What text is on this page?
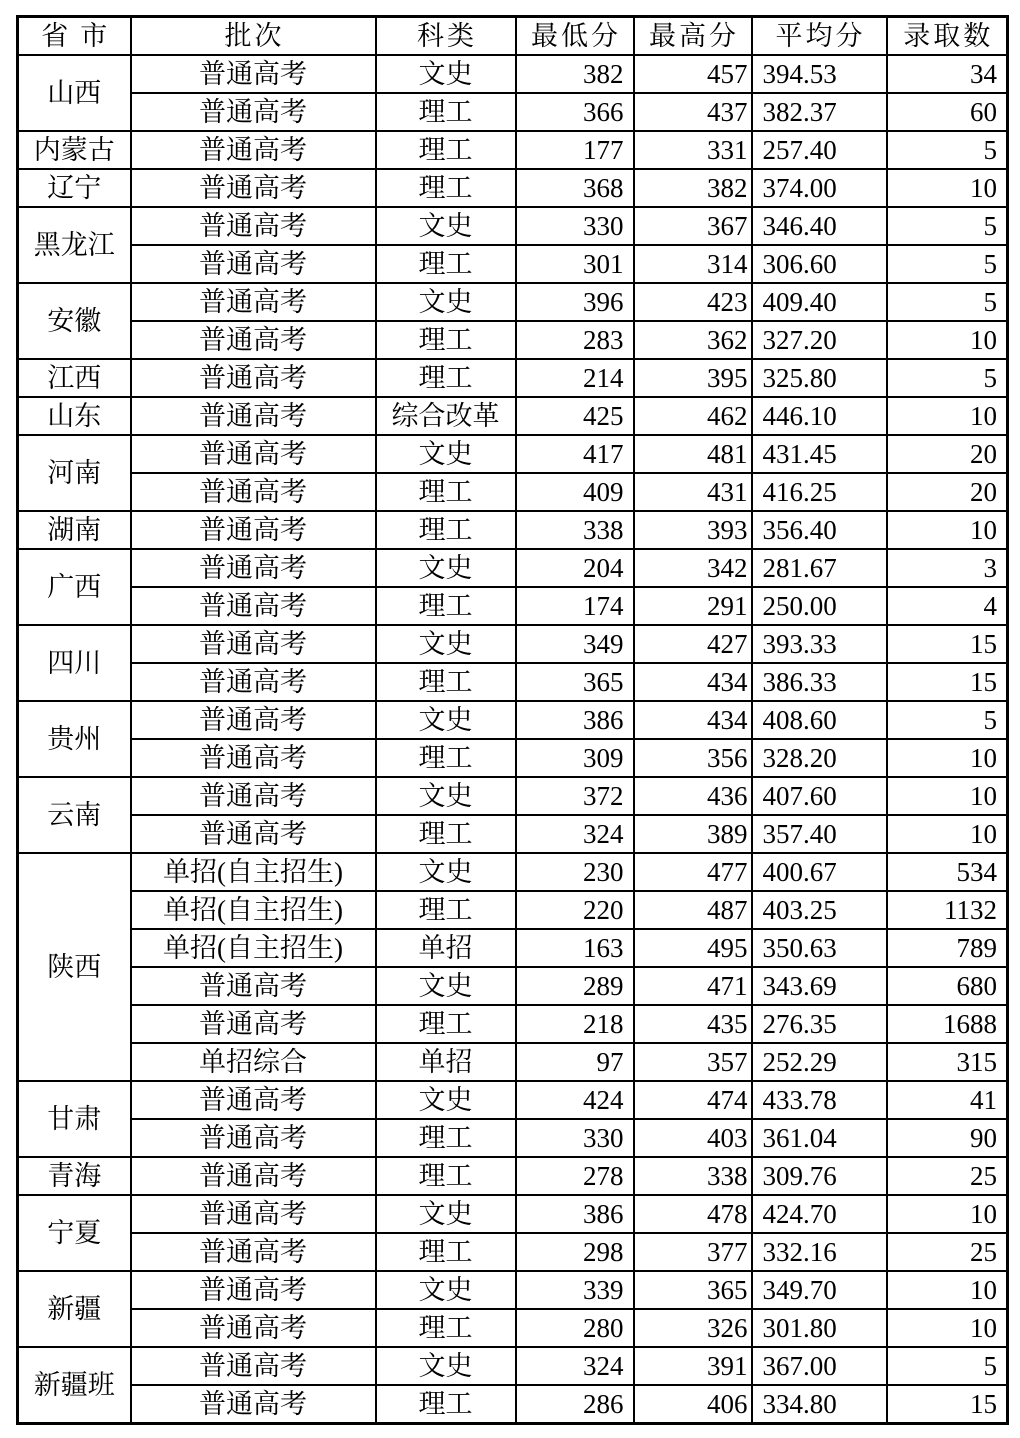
省市	批次	科类	最低分	最高分	平均分	录取数
山西	普通高考	文史	382	457	394.53	34
	普通高考	理工	366	437	382.37	60
内蒙古	普通高考	理工	177	331	257.40	5
辽宁	普通高考	理工	368	382	374.00	10
黑龙江	普通高考	文史	330	367	346.40	5
	普通高考	理工	301	314	306.60	5
安徽	普通高考	文史	396	423	409.40	5
	普通高考	理工	283	362	327.20	10
江西	普通高考	理工	214	395	325.80	5
山东	普通高考	综合改革	425	462	446.10	10
河南	普通高考	文史	417	481	431.45	20
	普通高考	理工	409	431	416.25	20
湖南	普通高考	理工	338	393	356.40	10
广西	普通高考	文史	204	342	281.67	3
	普通高考	理工	174	291	250.00	4
四川	普通高考	文史	349	427	393.33	15
	普通高考	理工	365	434	386.33	15
贵州	普通高考	文史	386	434	408.60	5
	普通高考	理工	309	356	328.20	10
云南	普通高考	文史	372	436	407.60	10
	普通高考	理工	324	389	357.40	10
陕西	单招(自主招生)	文史	230	477	400.67	534
	单招(自主招生)	理工	220	487	403.25	1132
	单招(自主招生)	单招	163	495	350.63	789
	普通高考	文史	289	471	343.69	680
	普通高考	理工	218	435	276.35	1688
	单招综合	单招	97	357	252.29	315
甘肃	普通高考	文史	424	474	433.78	41
	普通高考	理工	330	403	361.04	90
青海	普通高考	理工	278	338	309.76	25
宁夏	普通高考	文史	386	478	424.70	10
	普通高考	理工	298	377	332.16	25
新疆	普通高考	文史	339	365	349.70	10
	普通高考	理工	280	326	301.80	10
新疆班	普通高考	文史	324	391	367.00	5
	普通高考	理工	286	406	334.80	15
